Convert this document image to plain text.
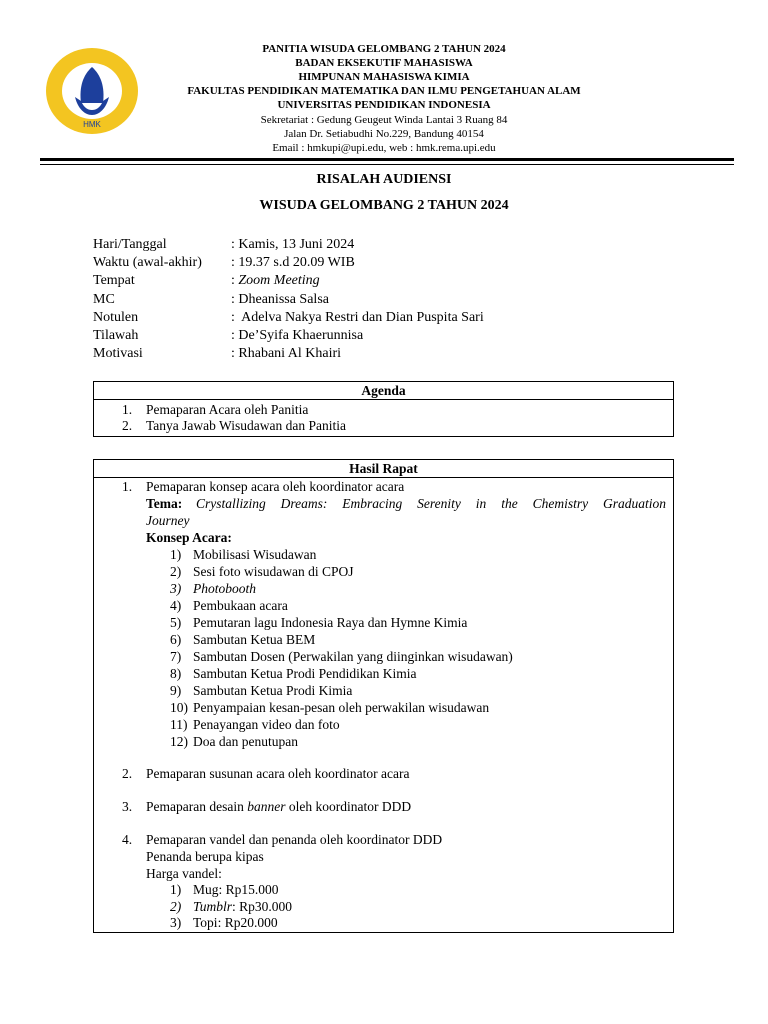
HMK
PANITIA WISUDA GELOMBANG 2 TAHUN 2024
BADAN EKSEKUTIF MAHASISWA
HIMPUNAN MAHASISWA KIMIA
FAKULTAS PENDIDIKAN MATEMATIKA DAN ILMU PENGETAHUAN ALAM
UNIVERSITAS PENDIDIKAN INDONESIA
Sekretariat : Gedung Geugeut Winda Lantai 3 Ruang 84
Jalan Dr. Setiabudhi No.229, Bandung 40154
Email : hmkupi@upi.edu, web : hmk.rema.upi.edu
RISALAH AUDIENSI
WISUDA GELOMBANG 2 TAHUN 2024
Hari/Tanggal	: Kamis, 13 Juni 2024
Waktu (awal-akhir) : 19.37 s.d 20.09 WIB
Tempat	: Zoom Meeting
MC	: Dheanissa Salsa
Notulen	:  Adelva Nakya Restri dan Dian Puspita Sari
Tilawah	: De’Syifa Khaerunnisa
Motivasi	: Rhabani Al Khairi
Agenda
1. Pemaparan Acara oleh Panitia
2. Tanya Jawab Wisudawan dan Panitia
Hasil Rapat
1. Pemaparan konsep acara oleh koordinator acara
Tema: Crystallizing Dreams: Embracing Serenity in the Chemistry Graduation
Journey
Konsep Acara:
1) Mobilisasi Wisudawan
2) Sesi foto wisudawan di CPOJ
3) Photobooth
4) Pembukaan acara
5) Pemutaran lagu Indonesia Raya dan Hymne Kimia
6) Sambutan Ketua BEM
7) Sambutan Dosen (Perwakilan yang diinginkan wisudawan)
8) Sambutan Ketua Prodi Pendidikan Kimia
9) Sambutan Ketua Prodi Kimia
10) Penyampaian kesan-pesan oleh perwakilan wisudawan
11) Penayangan video dan foto
12) Doa dan penutupan
2. Pemaparan susunan acara oleh koordinator acara
3. Pemaparan desain banner oleh koordinator DDD
4. Pemaparan vandel dan penanda oleh koordinator DDD
Penanda berupa kipas
Harga vandel:
1) Mug: Rp15.000
2) Tumblr: Rp30.000
3) Topi: Rp20.000
